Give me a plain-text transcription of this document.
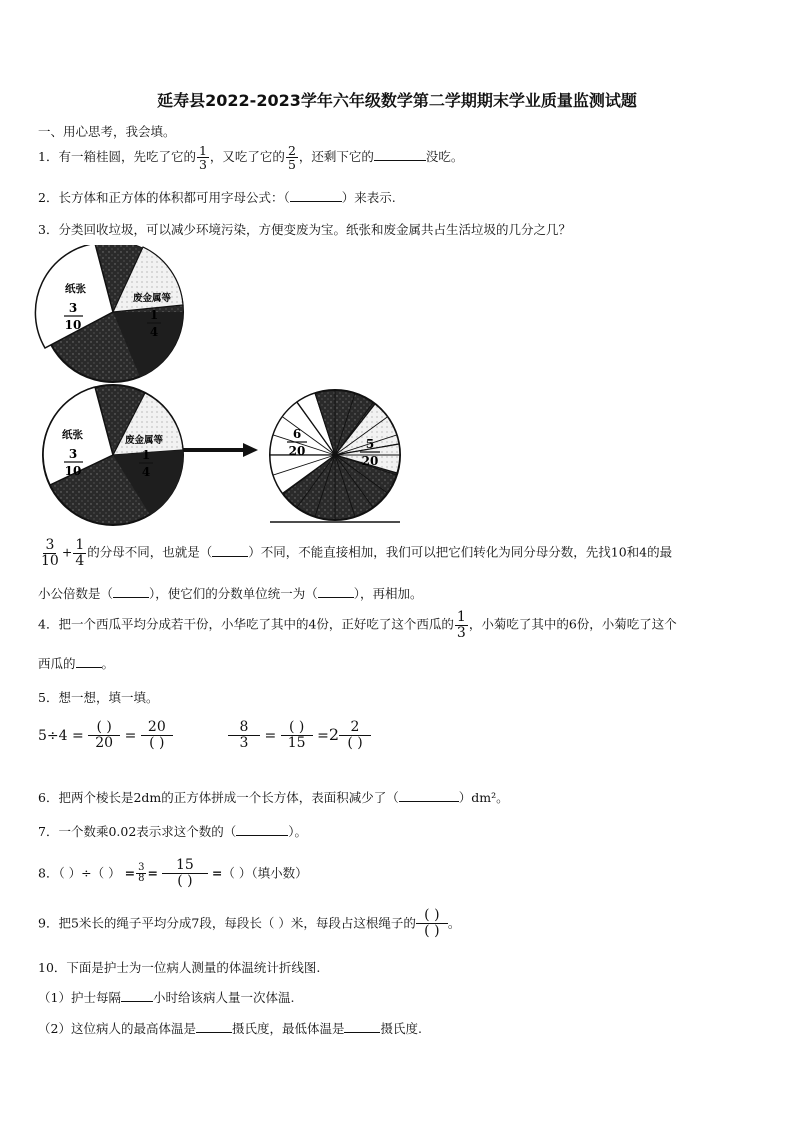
延寿县2022-2023学年六年级数学第二学期期末学业质量监测试题
一、用心思考，我会填。
1．有一箱桂圆，先吃了它的 $\frac{1}{3}$ ，又吃了它的 $\frac{2}{5}$ ，还剩下它的	没吃。
2．长方体和正方体的体积都可用字母公式：（	）来表示.
3．分类回收垃圾，可以减少环境污染，方便变废为宝。纸张和废金属共占生活垃圾的几分之几？
纸张
3
10
废金属等
1
4
纸张
3
10
废金属等
1
4
6
20	5
20
$\frac{3}{10} + \frac{1}{4}$ 的分母不同，也就是（	）不同，不能直接相加，我们可以把它们转化为同分母分数，先找10和4的最
小公倍数是（	），使它们的分数单位统一为（	），再相加。
4．把一个西瓜平均分成若干份，小华吃了其中的4份，正好吃了这个西瓜的 $\frac{1}{3}$ ，小菊吃了其中的6份，小菊吃了这个
西瓜的 。
5．想一想，填一填。
$5\div 4 = \frac{( )}{20} = \frac{20}{( )}$	$\frac{8}{3} = \frac{( )}{15} =2 \frac{2}{( )}$
6．把两个棱长是2dm的正方体拼成一个长方体，表面积减少了（	）dm²。
7．一个数乘0.02表示求这个数的（	）。
8．（ ）÷（ ） = $\frac{3}{8} = \frac{15}{( )}$ =（ ）（填小数）
9．把5米长的绳子平均分成7段，每段长（ ）米，每段占这根绳子的 $\frac{( )}{( )}$ 。
10．下面是护士为一位病人测量的体温统计折线图.
（1）护士每隔	小时给该病人量一次体温.
（2）这位病人的最高体温是	摄氏度，最低体温是	摄氏度.
